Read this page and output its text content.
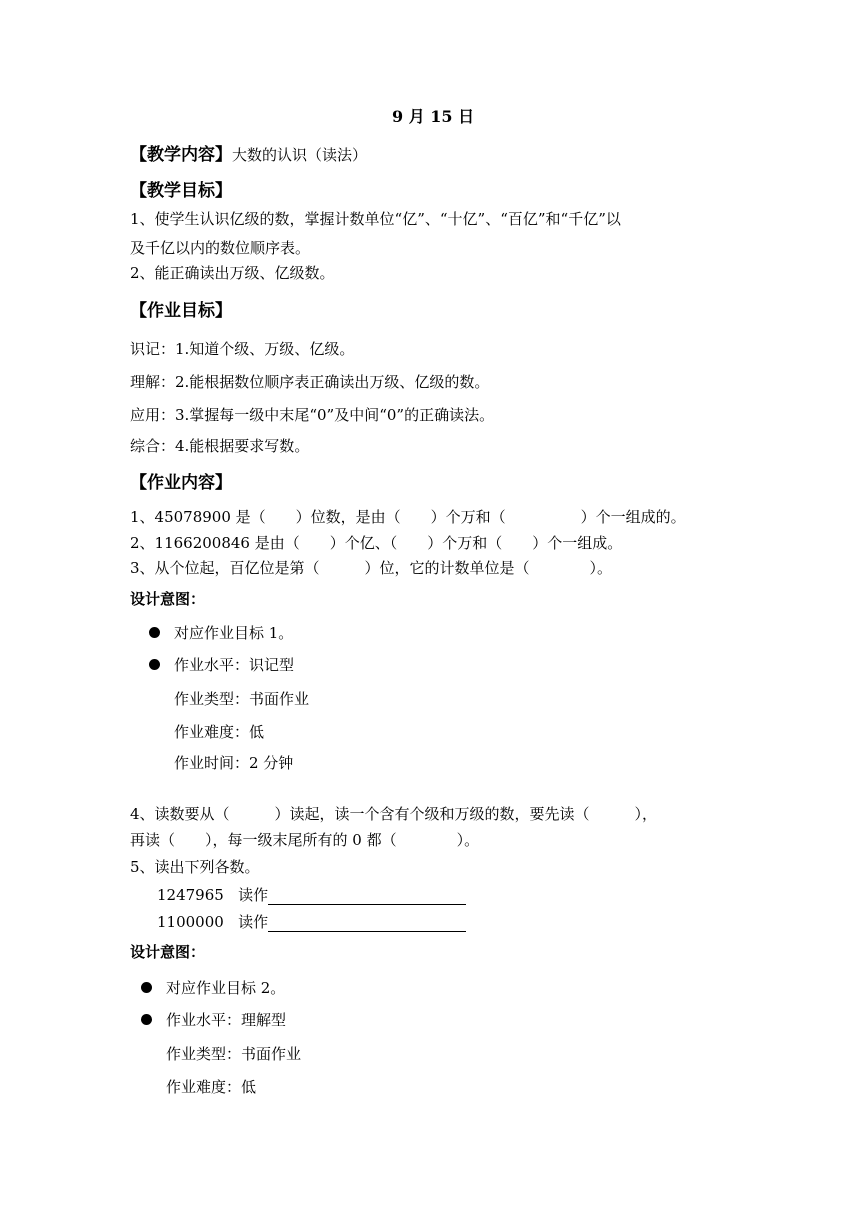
9 月 15 日
【教学内容】大数的认识（读法）
【教学目标】
1、使学生认识亿级的数，掌握计数单位“亿”、“十亿”、“百亿”和“千亿”以
及千亿以内的数位顺序表。
2、能正确读出万级、亿级数。
【作业目标】
识记：1.知道个级、万级、亿级。
理解：2.能根据数位顺序表正确读出万级、亿级的数。
应用：3.掌握每一级中末尾“0”及中间“0”的正确读法。
综合：4.能根据要求写数。
【作业内容】
1、45078900 是（　　）位数，是由（　　）个万和（　　　　　）个一组成的。
2、1166200846 是由（　　）个亿、（　　）个万和（　　）个一组成。
3、从个位起，百亿位是第（　　　）位，它的计数单位是（　　　　）。
设计意图：
对应作业目标 1。
作业水平：识记型
作业类型：书面作业
作业难度：低
作业时间：2 分钟
4、读数要从（　　　）读起，读一个含有个级和万级的数，要先读（　　　），
再读（　　），每一级末尾所有的 0 都（　　　　）。
5、读出下列各数。
1247965 读作
1100000 读作
设计意图：
对应作业目标 2。
作业水平：理解型
作业类型：书面作业
作业难度：低
